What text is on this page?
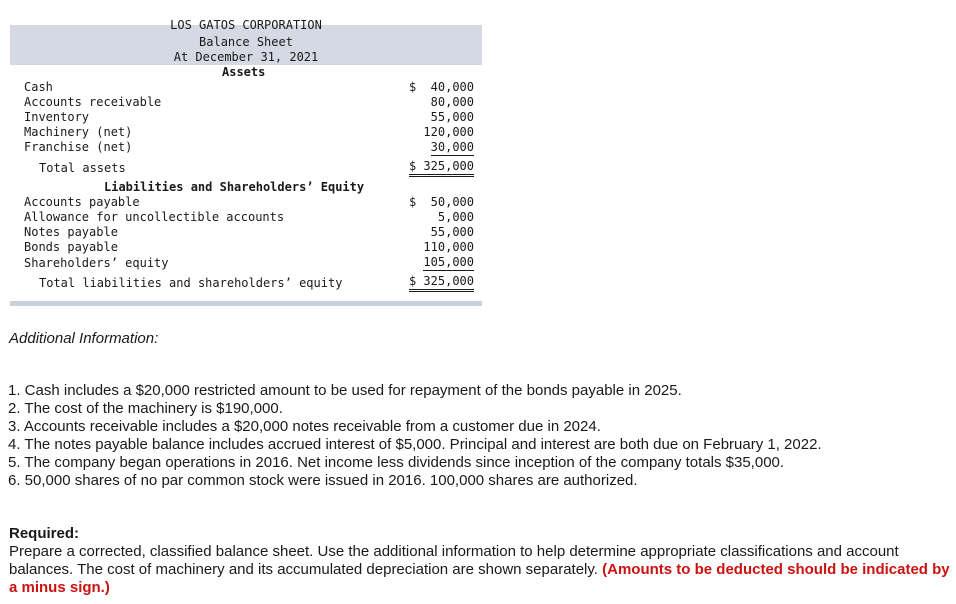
LOS GATOS CORPORATION
Balance Sheet
At December 31, 2021
Assets
Cash	$  40,000
Accounts receivable	80,000
Inventory	55,000
Machinery (net)	120,000
Franchise (net)	30,000
Total assets	$ 325,000
Liabilities and Shareholders’ Equity
Accounts payable	$  50,000
Allowance for uncollectible accounts	5,000
Notes payable	55,000
Bonds payable	110,000
Shareholders’ equity	105,000
Total liabilities and shareholders’ equity	$ 325,000
Additional Information:
1. Cash includes a $20,000 restricted amount to be used for repayment of the bonds payable in 2025.
2. The cost of the machinery is $190,000.
3. Accounts receivable includes a $20,000 notes receivable from a customer due in 2024.
4. The notes payable balance includes accrued interest of $5,000. Principal and interest are both due on February 1, 2022.
5. The company began operations in 2016. Net income less dividends since inception of the company totals $35,000.
6. 50,000 shares of no par common stock were issued in 2016. 100,000 shares are authorized.
Required:
Prepare a corrected, classified balance sheet. Use the additional information to help determine appropriate classifications and account balances. The cost of machinery and its accumulated depreciation are shown separately. (Amounts to be deducted should be indicated by a minus sign.)
